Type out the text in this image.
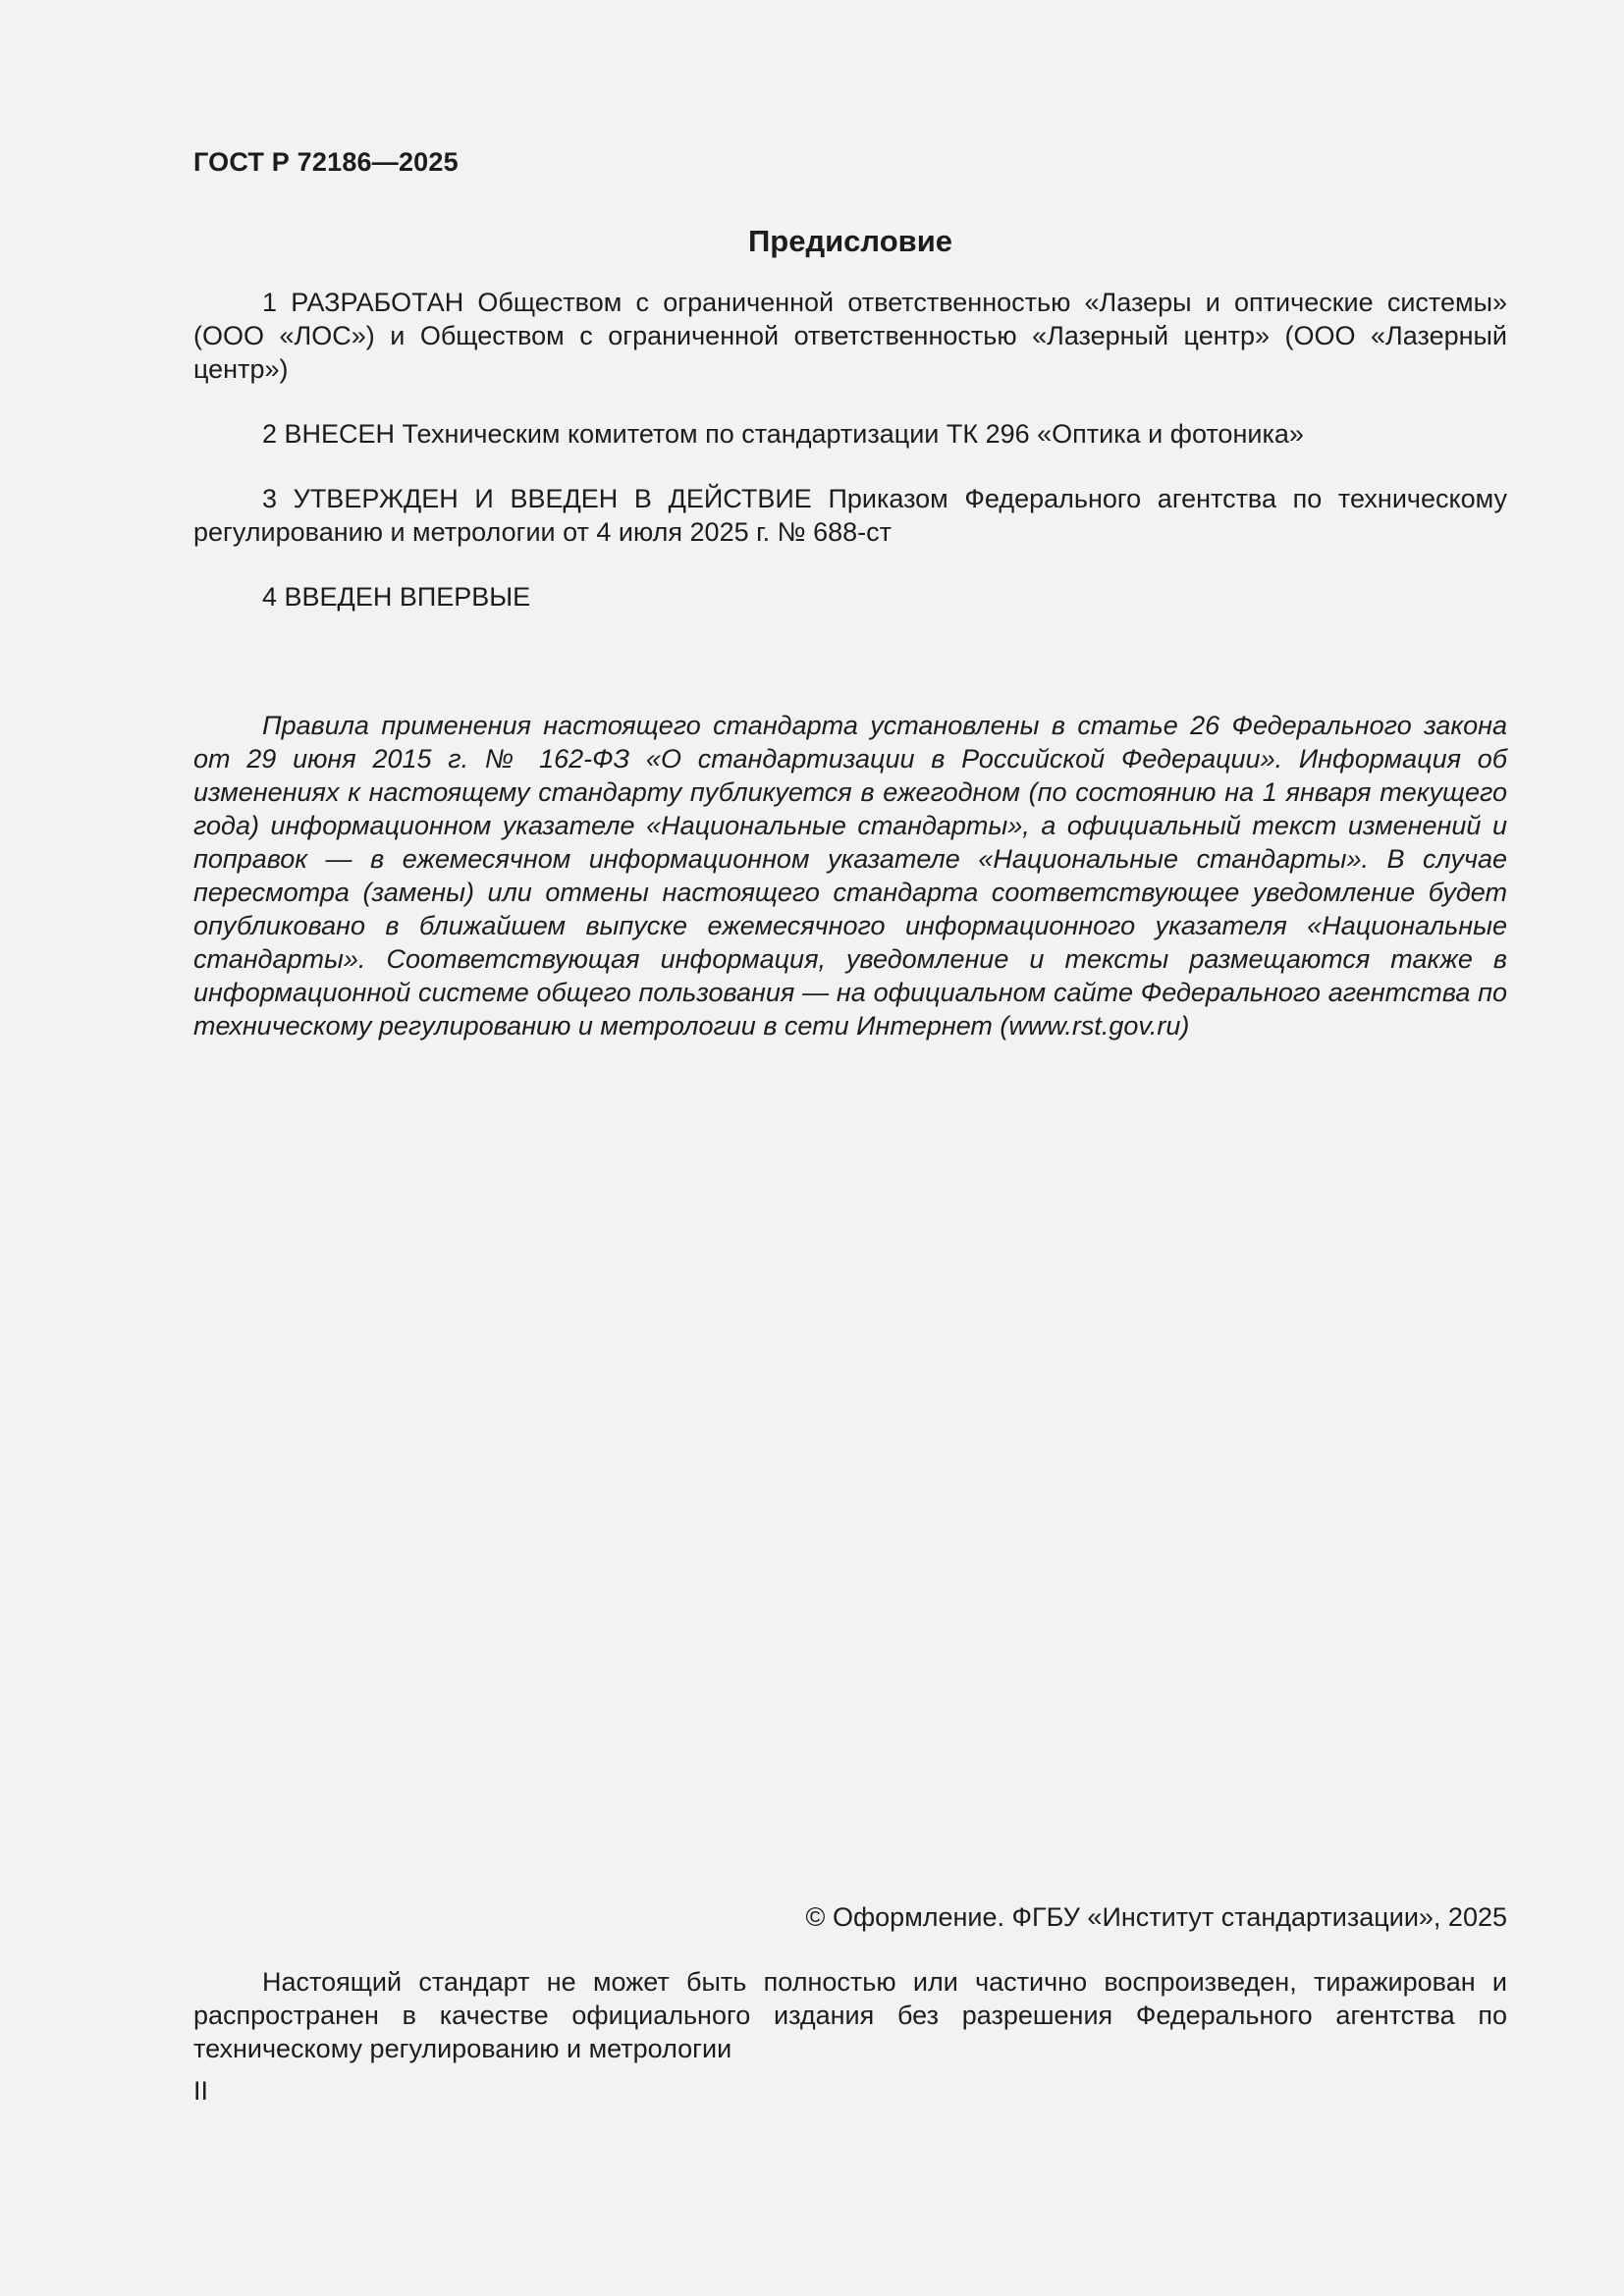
ГОСТ Р 72186—2025
Предисловие

1 РАЗРАБОТАН Обществом с ограниченной ответственностью «Лазеры и оптические системы» (ООО «ЛОС») и Обществом с ограниченной ответственностью «Лазерный центр» (ООО «Лазерный центр»)

2 ВНЕСЕН Техническим комитетом по стандартизации ТК 296 «Оптика и фотоника»

3 УТВЕРЖДЕН И ВВЕДЕН В ДЕЙСТВИЕ Приказом Федерального агентства по техническому регулированию и метрологии от 4 июля 2025 г. № 688-ст

4 ВВЕДЕН ВПЕРВЫЕ

Правила применения настоящего стандарта установлены в статье 26 Федерального закона от 29 июня 2015 г. № 162-ФЗ «О стандартизации в Российской Федерации». Информация об изменениях к настоящему стандарту публикуется в ежегодном (по состоянию на 1 января текущего года) информационном указателе «Национальные стандарты», а официальный текст изменений и поправок — в ежемесячном информационном указателе «Национальные стандарты». В случае пересмотра (замены) или отмены настоящего стандарта соответствующее уведомление будет опубликовано в ближайшем выпуске ежемесячного информационного указателя «Национальные стандарты». Соответствующая информация, уведомление и тексты размещаются также в информационной системе общего пользования — на официальном сайте Федерального агентства по техническому регулированию и метрологии в сети Интернет (www.rst.gov.ru)

© Оформление. ФГБУ «Институт стандартизации», 2025

Настоящий стандарт не может быть полностью или частично воспроизведен, тиражирован и распространен в качестве официального издания без разрешения Федерального агентства по техническому регулированию и метрологии

II
